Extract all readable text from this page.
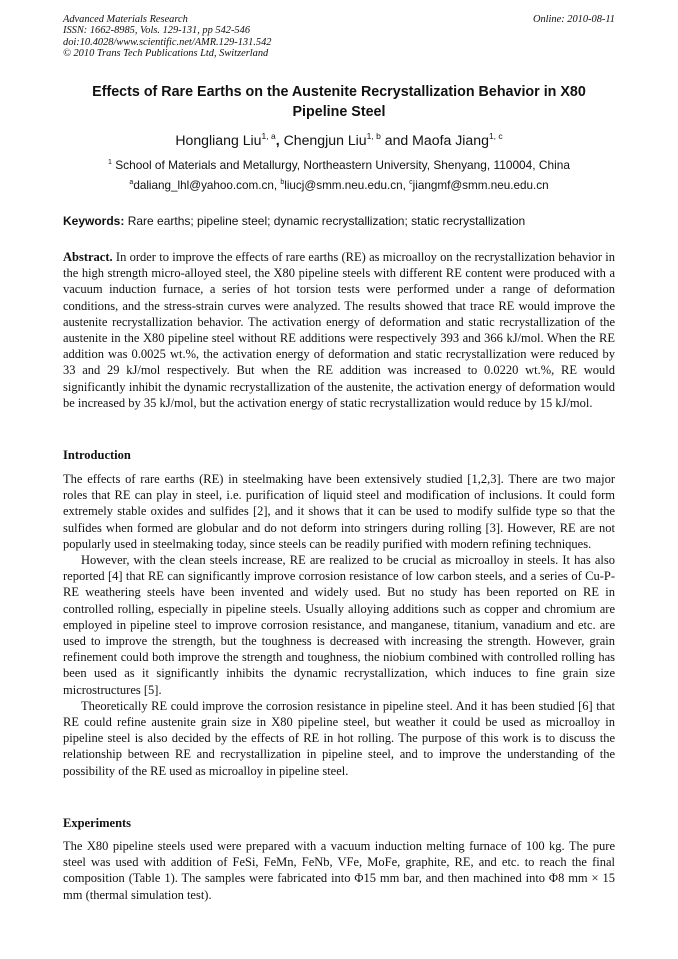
Advanced Materials Research
ISSN: 1662-8985, Vols. 129-131, pp 542-546
doi:10.4028/www.scientific.net/AMR.129-131.542
© 2010 Trans Tech Publications Ltd, Switzerland
Online: 2010-08-11
Effects of Rare Earths on the Austenite Recrystallization Behavior in X80
Pipeline Steel
Hongliang Liu$^{1, a}$, Chengjun Liu$^{1, b}$ and Maofa Jiang$^{1, c}$
$^1$ School of Materials and Metallurgy, Northeastern University, Shenyang, 110004, China
$^a$daliang_lhl@yahoo.com.cn, $^b$liucj@smm.neu.edu.cn, $^c$jiangmf@smm.neu.edu.cn
Keywords: Rare earths; pipeline steel; dynamic recrystallization; static recrystallization

Abstract. In order to improve the effects of rare earths (RE) as microalloy on the recrystallization behavior in the high strength micro-alloyed steel, the X80 pipeline steels with different RE content were produced with a vacuum induction furnace, a series of hot torsion tests were performed under a range of deformation conditions, and the stress-strain curves were analyzed. The results showed that trace RE would improve the austenite recrystallization behavior. The activation energy of deformation and static recrystallization of the austenite in the X80 pipeline steel without RE additions were respectively 393 and 366 kJ/mol. When the RE addition was 0.0025 wt.%, the activation energy of deformation and static recrystallization were reduced by 33 and 29 kJ/mol respectively. But when the RE addition was increased to 0.0220 wt.%, RE would significantly inhibit the dynamic recrystallization of the austenite, the activation energy of deformation would be increased by 35 kJ/mol, but the activation energy of static recrystallization would reduce by 15 kJ/mol.

Introduction

The effects of rare earths (RE) in steelmaking have been extensively studied [1,2,3]. There are two major roles that RE can play in steel, i.e. purification of liquid steel and modification of inclusions. It could form extremely stable oxides and sulfides [2], and it shows that it can be used to modify sulfide type so that the sulfides when formed are globular and do not deform into stringers during rolling [3]. However, RE are not popularly used in steelmaking today, since steels can be readily purified with modern refining techniques.

However, with the clean steels increase, RE are realized to be crucial as microalloy in steels. It has also reported [4] that RE can significantly improve corrosion resistance of low carbon steels, and a series of Cu-P-RE weathering steels have been invented and widely used. But no study has been reported on RE in controlled rolling, especially in pipeline steels. Usually alloying additions such as copper and chromium are employed in pipeline steel to improve corrosion resistance, and manganese, titanium, vanadium and etc. are used to improve the strength, but the toughness is decreased with increasing the strength. However, grain refinement could both improve the strength and toughness, the niobium combined with controlled rolling has been used as it significantly inhibits the dynamic recrystallization, which induces to fine grain size microstructures [5].

Theoretically RE could improve the corrosion resistance in pipeline steel. And it has been studied [6] that RE could refine austenite grain size in X80 pipeline steel, but weather it could be used as microalloy in pipeline steel is also decided by the effects of RE in hot rolling. The purpose of this work is to discuss the relationship between RE and recrystallization in pipeline steel, and to improve the understanding of the possibility of the RE used as microalloy in pipeline steel.

Experiments

The X80 pipeline steels used were prepared with a vacuum induction melting furnace of 100 kg. The pure steel was used with addition of FeSi, FeMn, FeNb, VFe, MoFe, graphite, RE, and etc. to reach the final composition (Table 1). The samples were fabricated into Φ15 mm bar, and then machined into Φ8 mm × 15 mm (thermal simulation test).
